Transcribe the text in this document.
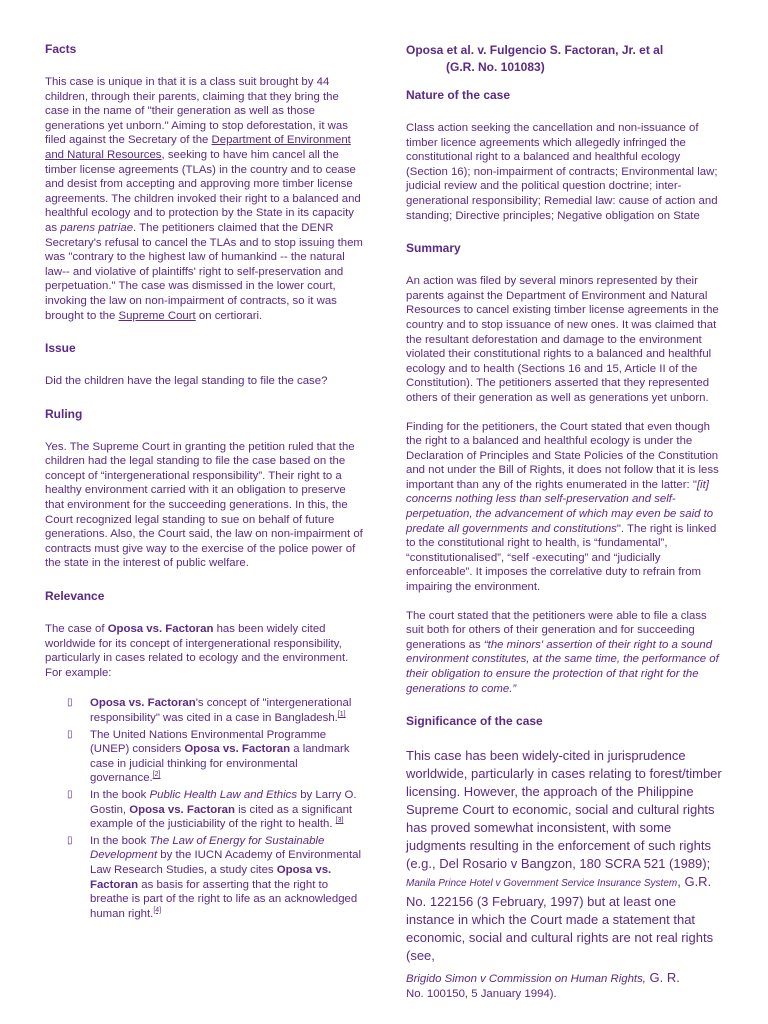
Facts

This case is unique in that it is a class suit brought by 44 children, through their parents, claiming that they bring the case in the name of "their generation as well as those generations yet unborn." Aiming to stop deforestation, it was filed against the Secretary of the Department of Environment and Natural Resources, seeking to have him cancel all the timber license agreements (TLAs) in the country and to cease and desist from accepting and approving more timber license agreements. The children invoked their right to a balanced and healthful ecology and to protection by the State in its capacity as parens patriae. The petitioners claimed that the DENR Secretary's refusal to cancel the TLAs and to stop issuing them was "contrary to the highest law of humankind -- the natural law-- and violative of plaintiffs' right to self-preservation and perpetuation." The case was dismissed in the lower court, invoking the law on non-impairment of contracts, so it was brought to the Supreme Court on certiorari.

Issue

Did the children have the legal standing to file the case?

Ruling

Yes. The Supreme Court in granting the petition ruled that the children had the legal standing to file the case based on the concept of “intergenerational responsibility”. Their right to a healthy environment carried with it an obligation to preserve that environment for the succeeding generations. In this, the Court recognized legal standing to sue on behalf of future generations. Also, the Court said, the law on non-impairment of contracts must give way to the exercise of the police power of the state in the interest of public welfare.

Relevance

The case of Oposa vs. Factoran has been widely cited worldwide for its concept of intergenerational responsibility, particularly in cases related to ecology and the environment. For example:

▯ Oposa vs. Factoran's concept of "intergenerational responsibility" was cited in a case in Bangladesh.[1]
▯ The United Nations Environmental Programme (UNEP) considers Oposa vs. Factoran a landmark case in judicial thinking for environmental governance.[2]
▯ In the book Public Health Law and Ethics by Larry O. Gostin, Oposa vs. Factoran is cited as a significant example of the justiciability of the right to health. [3]
▯ In the book The Law of Energy for Sustainable Development by the IUCN Academy of Environmental Law Research Studies, a study cites Oposa vs. Factoran as basis for asserting that the right to breathe is part of the right to life as an acknowledged human right.[4]

Oposa et al. v. Fulgencio S. Factoran, Jr. et al

(G.R. No. 101083)

Nature of the case

Class action seeking the cancellation and non-issuance of timber licence agreements which allegedly infringed the constitutional right to a balanced and healthful ecology (Section 16); non-impairment of contracts; Environmental law; judicial review and the political question doctrine; inter-generational responsibility; Remedial law: cause of action and standing; Directive principles; Negative obligation on State

Summary

An action was filed by several minors represented by their parents against the Department of Environment and Natural Resources to cancel existing timber license agreements in the country and to stop issuance of new ones. It was claimed that the resultant deforestation and damage to the environment violated their constitutional rights to a balanced and healthful ecology and to health (Sections 16 and 15, Article II of the Constitution). The petitioners asserted that they represented others of their generation as well as generations yet unborn.

Finding for the petitioners, the Court stated that even though the right to a balanced and healthful ecology is under the Declaration of Principles and State Policies of the Constitution and not under the Bill of Rights, it does not follow that it is less important than any of the rights enumerated in the latter: "[it] concerns nothing less than self-preservation and self-perpetuation, the advancement of which may even be said to predate all governments and constitutions". The right is linked to the constitutional right to health, is “fundamental”, “constitutionalised”, “self -executing” and “judicially enforceable”. It imposes the correlative duty to refrain from impairing the environment.

The court stated that the petitioners were able to file a class suit both for others of their generation and for succeeding generations as “the minors' assertion of their right to a sound environment constitutes, at the same time, the performance of their obligation to ensure the protection of that right for the generations to come.”

Significance of the case

This case has been widely-cited in jurisprudence worldwide, particularly in cases relating to forest/timber licensing. However, the approach of the Philippine Supreme Court to economic, social and cultural rights has proved somewhat inconsistent, with some judgments resulting in the enforcement of such rights (e.g., Del Rosario v Bangzon, 180 SCRA 521 (1989); Manila Prince Hotel v Government Service Insurance System, G.R. No. 122156 (3 February, 1997) but at least one instance in which the Court made a statement that economic, social and cultural rights are not real rights (see,

Brigido Simon v Commission on Human Rights, G. R.
No. 100150, 5 January 1994).
